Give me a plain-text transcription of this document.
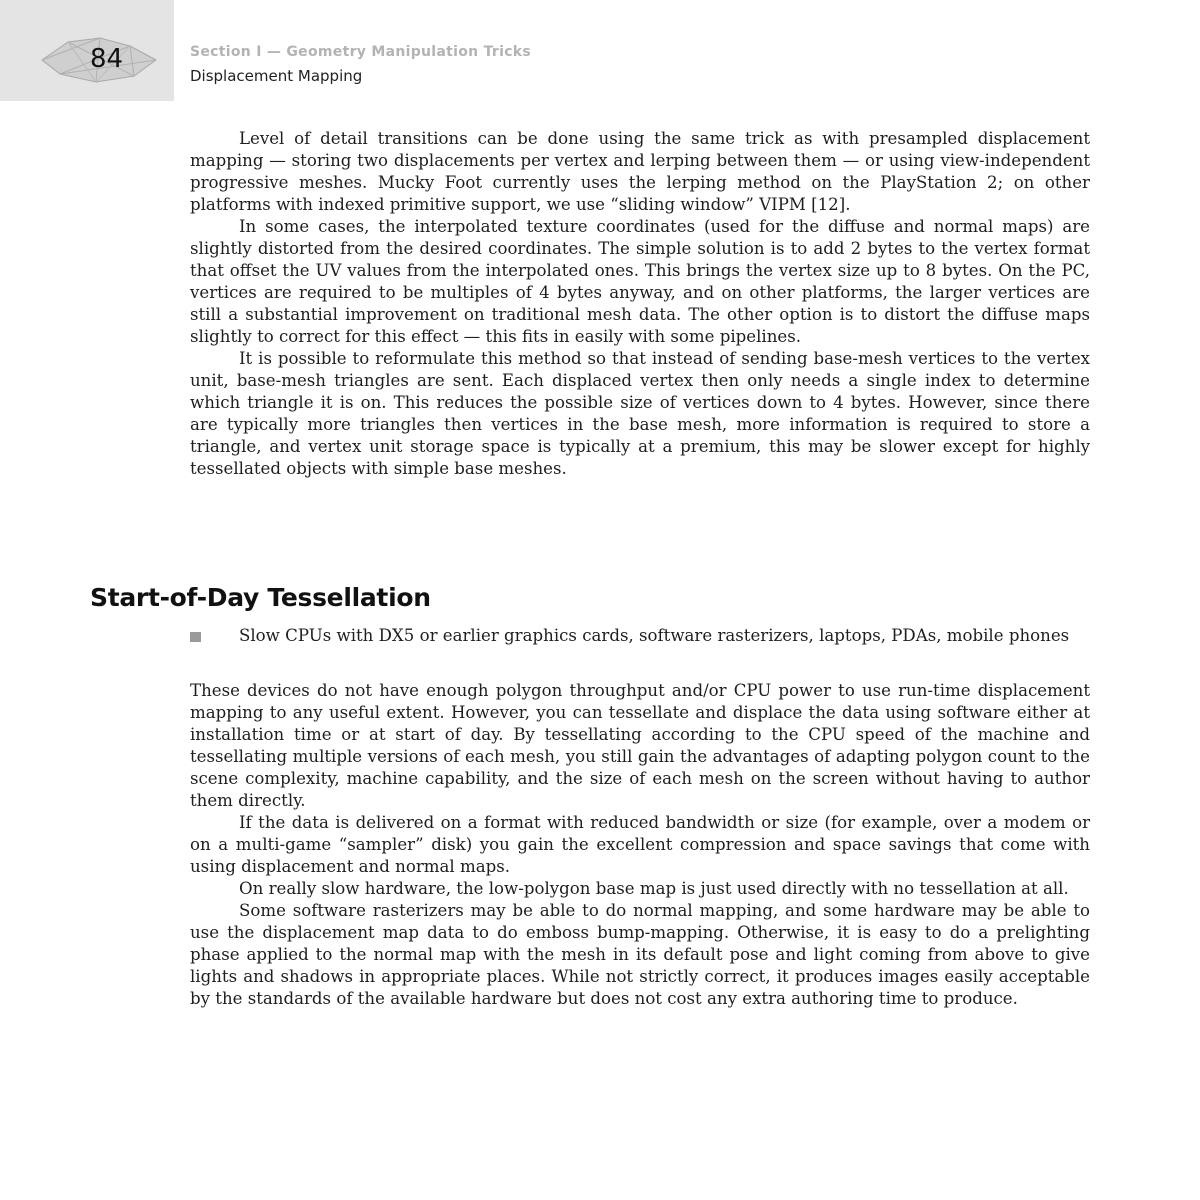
84	Section I — Geometry Manipulation Tricks
Displacement Mapping

Level of detail transitions can be done using the same trick as with presampled displacement mapping — storing two displacements per vertex and lerping between them — or using view-independent progressive meshes. Mucky Foot currently uses the lerping method on the PlayStation 2; on other platforms with indexed primitive support, we use “sliding window” VIPM [12].

In some cases, the interpolated texture coordinates (used for the diffuse and normal maps) are slightly distorted from the desired coordinates. The simple solution is to add 2 bytes to the vertex format that offset the UV values from the interpolated ones. This brings the vertex size up to 8 bytes. On the PC, vertices are required to be multiples of 4 bytes anyway, and on other platforms, the larger vertices are still a substantial improvement on traditional mesh data. The other option is to distort the diffuse maps slightly to correct for this effect — this fits in easily with some pipelines.

It is possible to reformulate this method so that instead of sending base-mesh vertices to the vertex unit, base-mesh triangles are sent. Each displaced vertex then only needs a single index to determine which triangle it is on. This reduces the possible size of vertices down to 4 bytes. However, since there are typically more triangles then vertices in the base mesh, more information is required to store a triangle, and vertex unit storage space is typically at a premium, this may be slower except for highly tessellated objects with simple base meshes.

Start-of-Day Tessellation
Slow CPUs with DX5 or earlier graphics cards, software rasterizers, laptops, PDAs, mobile phones

These devices do not have enough polygon throughput and/or CPU power to use run-time displacement mapping to any useful extent. However, you can tessellate and displace the data using software either at installation time or at start of day. By tessellating according to the CPU speed of the machine and tessellating multiple versions of each mesh, you still gain the advantages of adapting polygon count to the scene complexity, machine capability, and the size of each mesh on the screen without having to author them directly.

If the data is delivered on a format with reduced bandwidth or size (for example, over a modem or on a multi-game “sampler” disk) you gain the excellent compression and space savings that come with using displacement and normal maps.

On really slow hardware, the low-polygon base map is just used directly with no tessellation at all.

Some software rasterizers may be able to do normal mapping, and some hardware may be able to use the displacement map data to do emboss bump-mapping. Otherwise, it is easy to do a prelighting phase applied to the normal map with the mesh in its default pose and light coming from above to give lights and shadows in appropriate places. While not strictly correct, it produces images easily acceptable by the standards of the available hardware but does not cost any extra authoring time to produce.
